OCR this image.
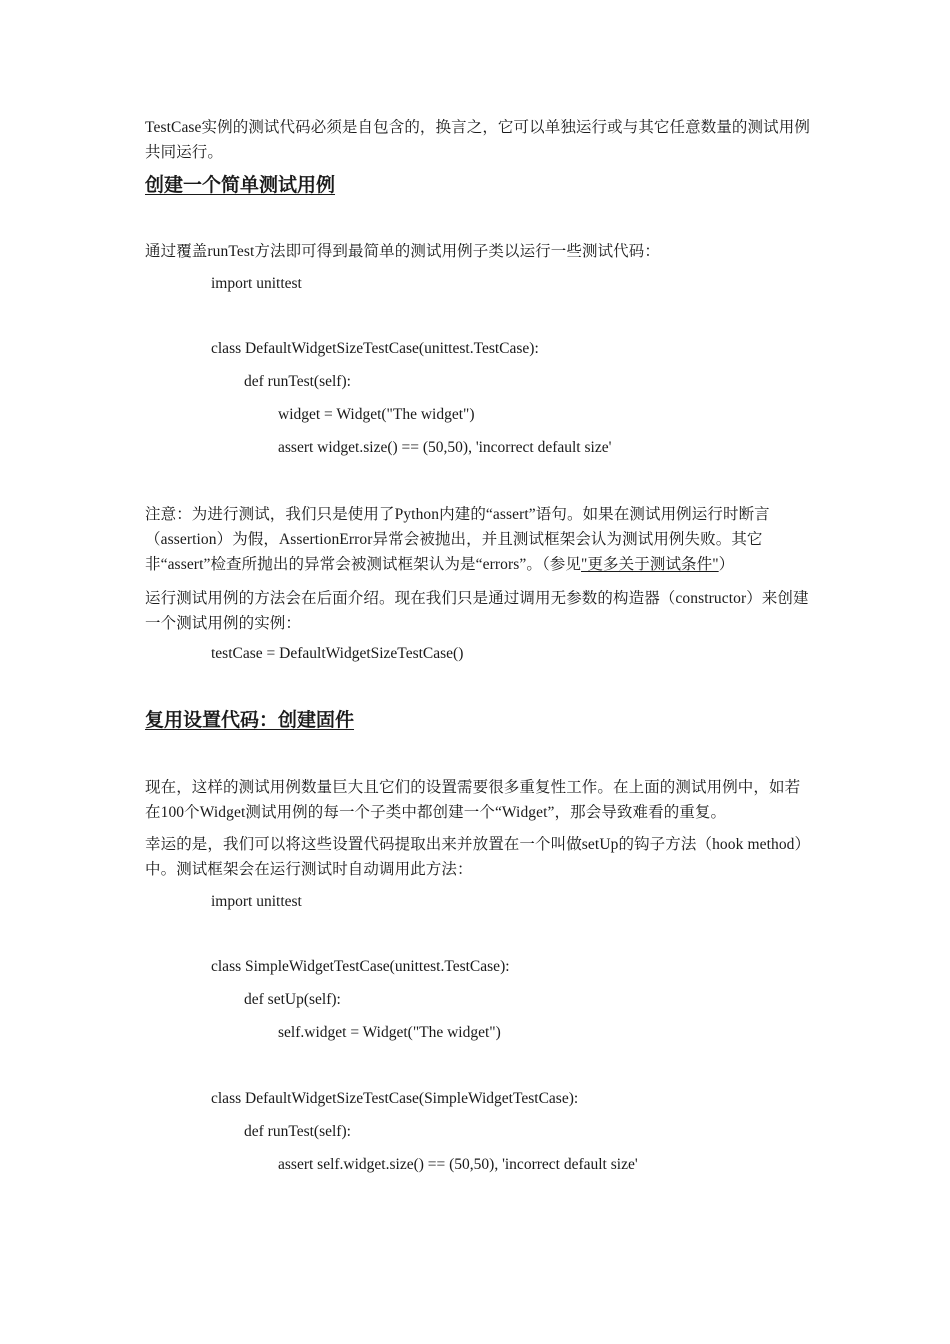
TestCase实例的测试代码必须是自包含的，换言之，它可以单独运行或与其它任意数量的测试用例共同运行。

创建一个简单测试用例

通过覆盖runTest方法即可得到最简单的测试用例子类以运行一些测试代码：

import unittest
class DefaultWidgetSizeTestCase(unittest.TestCase):
def runTest(self):
widget = Widget("The widget")
assert widget.size() == (50,50), 'incorrect default size'

注意：为进行测试，我们只是使用了Python内建的“assert”语句。如果在测试用例运行时断言（assertion）为假，AssertionError异常会被抛出，并且测试框架会认为测试用例失败。其它非“assert”检查所抛出的异常会被测试框架认为是“errors”。（参见"更多关于测试条件"）

运行测试用例的方法会在后面介绍。现在我们只是通过调用无参数的构造器（constructor）来创建一个测试用例的实例：

testCase = DefaultWidgetSizeTestCase()
复用设置代码：创建固件

现在，这样的测试用例数量巨大且它们的设置需要很多重复性工作。在上面的测试用例中，如若在100个Widget测试用例的每一个子类中都创建一个“Widget”，那会导致难看的重复。

幸运的是，我们可以将这些设置代码提取出来并放置在一个叫做setUp的钩子方法（hook method）中。测试框架会在运行测试时自动调用此方法：

import unittest
class SimpleWidgetTestCase(unittest.TestCase):
def setUp(self):
self.widget = Widget("The widget")
class DefaultWidgetSizeTestCase(SimpleWidgetTestCase):
def runTest(self):
assert self.widget.size() == (50,50), 'incorrect default size'
